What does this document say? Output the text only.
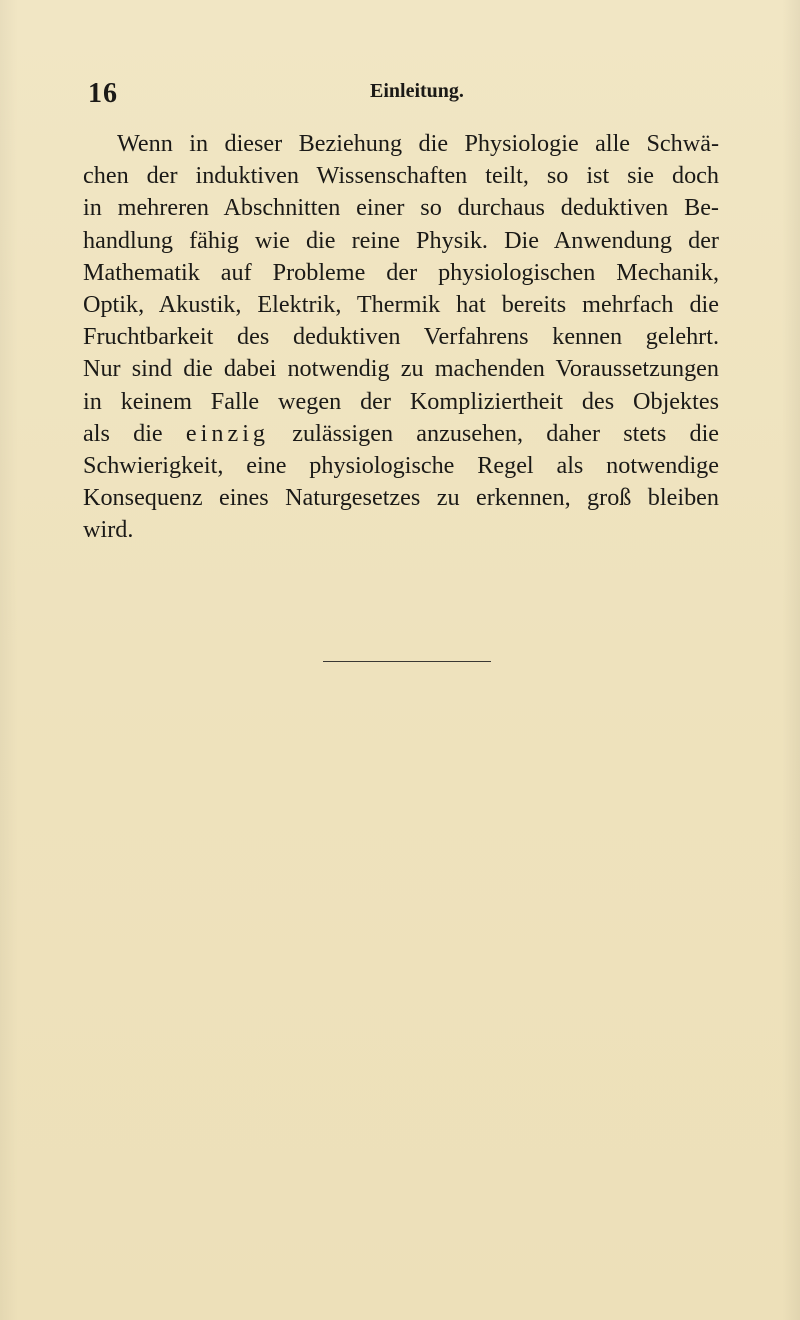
16	Einleitung.

Wenn in dieser Beziehung die Physiologie alle Schwä-
chen der induktiven Wissenschaften teilt, so ist sie doch
in mehreren Abschnitten einer so durchaus deduktiven Be-
handlung fähig wie die reine Physik. Die Anwendung der
Mathematik auf Probleme der physiologischen Mechanik,
Optik, Akustik, Elektrik, Thermik hat bereits mehrfach die
Fruchtbarkeit des deduktiven Verfahrens kennen gelehrt.
Nur sind die dabei notwendig zu machenden Voraussetzungen
in keinem Falle wegen der Kompliziertheit des Objektes
als die einzig zulässigen anzusehen, daher stets die
Schwierigkeit, eine physiologische Regel als notwendige
Konsequenz eines Naturgesetzes zu erkennen, groß bleiben
wird.
